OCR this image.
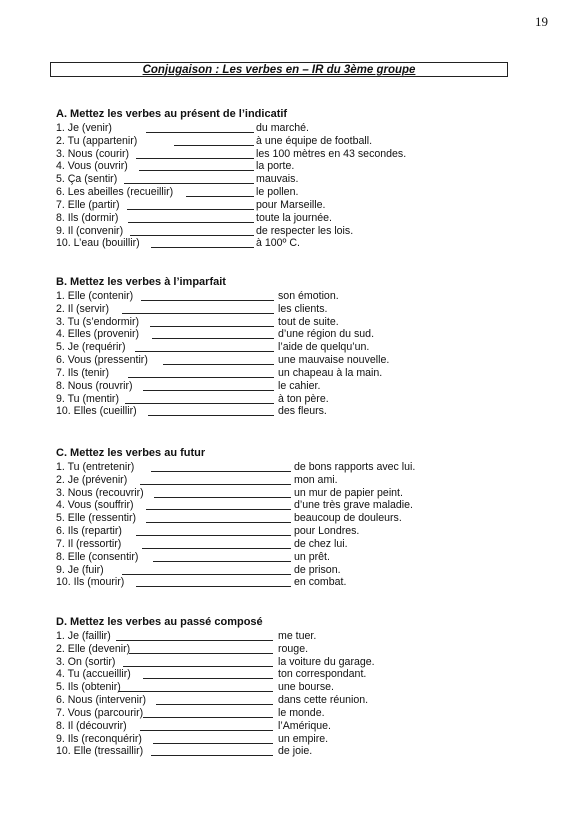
19
Conjugaison : Les verbes en – IR du 3ème groupe
A. Mettez les verbes au présent de l’indicatif
1. Je (venir)	du marché.
2. Tu (appartenir)	à une équipe de football.
3. Nous (courir)	les 100 mètres en 43 secondes.
4. Vous (ouvrir)	la porte.
5. Ça (sentir)	mauvais.
6. Les abeilles (recueillir)	le pollen.
7. Elle (partir)	pour Marseille.
8. Ils (dormir)	toute la journée.
9. Il (convenir)	de respecter les lois.
10. L’eau (bouillir)	à 100º C.
B. Mettez les verbes à l’imparfait
1. Elle (contenir)	son émotion.
2. Il (servir)	les clients.
3. Tu (s’endormir)	tout de suite.
4. Elles (provenir)	d’une région du sud.
5. Je (requérir)	l’aide de quelqu’un.
6. Vous (pressentir)	une mauvaise nouvelle.
7. Ils (tenir)	un chapeau à la main.
8. Nous (rouvrir)	le cahier.
9. Tu (mentir)	à ton père.
10. Elles (cueillir)	des fleurs.
C. Mettez les verbes au futur
1. Tu (entretenir)	de bons rapports avec lui.
2. Je (prévenir)	mon ami.
3. Nous (recouvrir)	un mur de papier peint.
4. Vous (souffrir)	d’une très grave maladie.
5. Elle (ressentir)	beaucoup de douleurs.
6. Ils (repartir)	pour Londres.
7. Il (ressortir)	de chez lui.
8. Elle (consentir)	un prêt.
9. Je (fuir)	de prison.
10. Ils (mourir)	en combat.
D. Mettez les verbes au passé composé
1. Je (faillir)	me tuer.
2. Elle (devenir)	rouge.
3. On (sortir)	la voiture du garage.
4. Tu (accueillir)	ton correspondant.
5. Ils (obtenir)	une bourse.
6. Nous (intervenir)	dans cette réunion.
7. Vous (parcourir)	le monde.
8. Il (découvrir)	l’Amérique.
9. Ils (reconquérir)	un empire.
10. Elle (tressaillir)	de joie.
